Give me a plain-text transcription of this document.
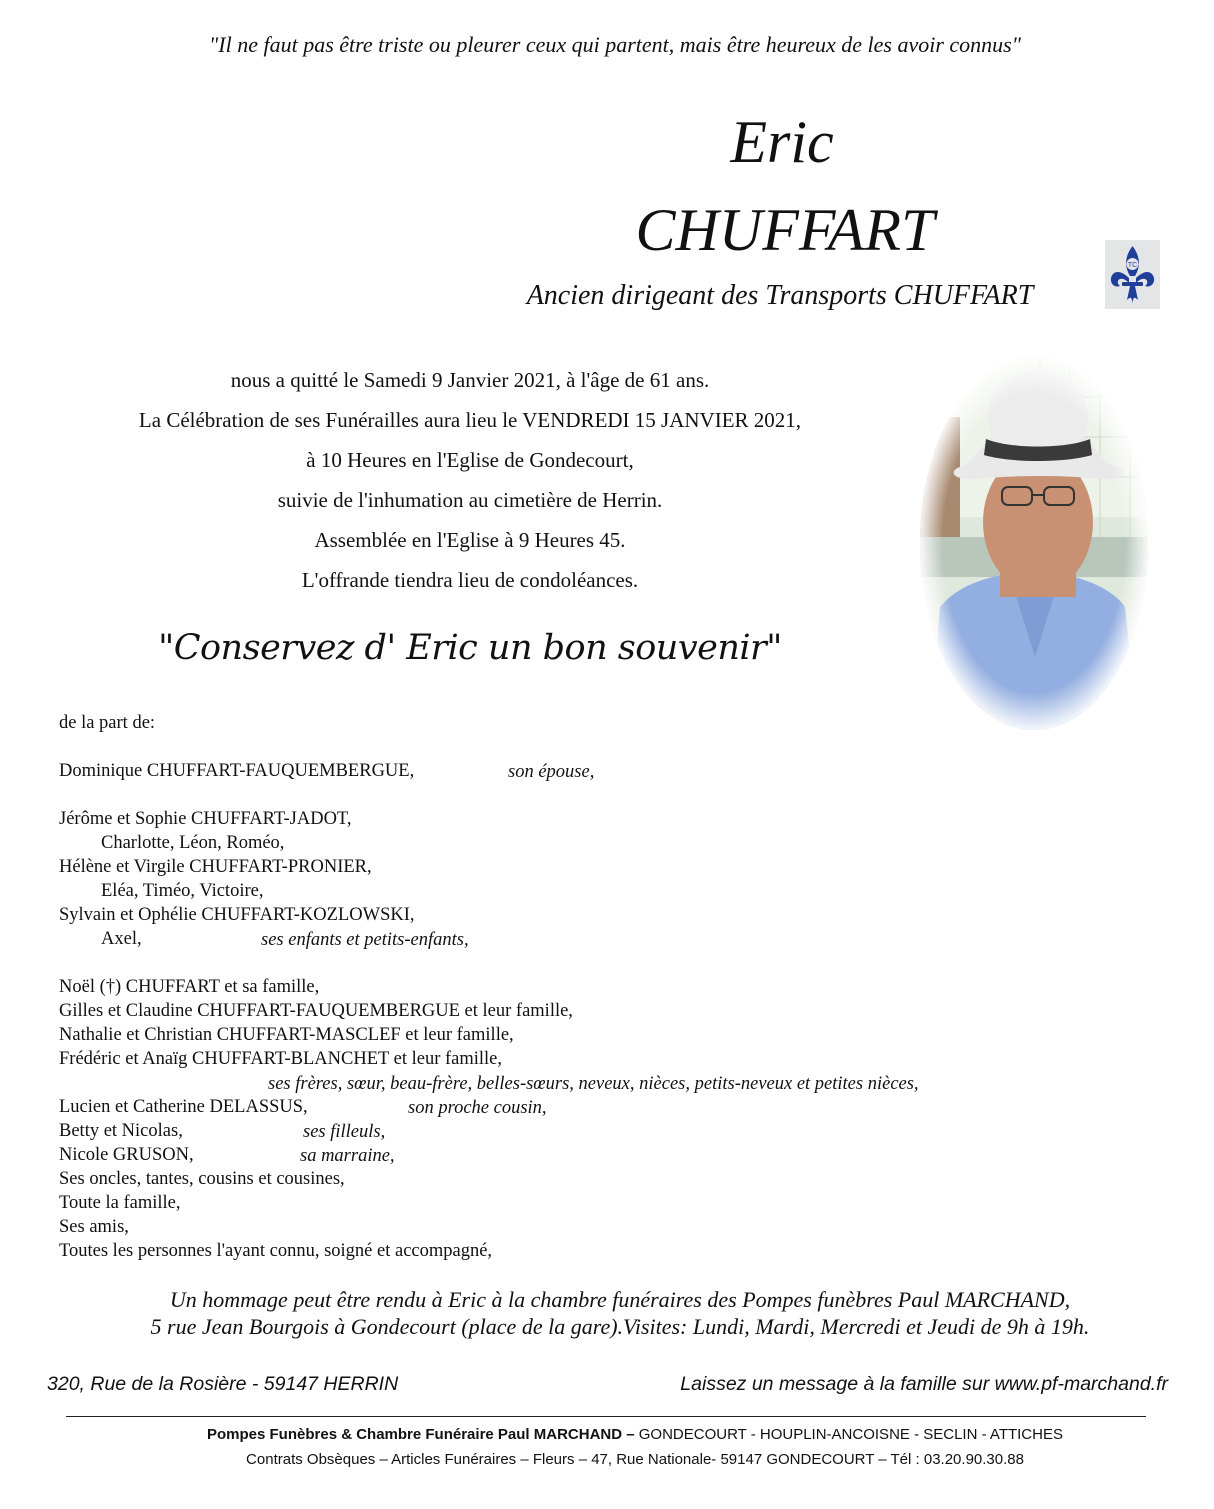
"Il ne faut pas être triste ou pleurer ceux qui partent, mais être heureux de les avoir connus"
Eric
CHUFFART
Ancien dirigeant des Transports CHUFFART
TC
nous a quitté le Samedi 9 Janvier 2021, à l'âge de 61 ans.
La Célébration de ses Funérailles aura lieu le VENDREDI 15 JANVIER 2021,
à 10 Heures en l'Eglise de Gondecourt,
suivie de l'inhumation au cimetière de Herrin.
Assemblée en l'Eglise à 9 Heures 45.
L'offrande tiendra lieu de condoléances.
"Conservez d' Eric un bon souvenir"
de la part de:
Dominique CHUFFART-FAUQUEMBERGUE,	son épouse,
Jérôme et Sophie CHUFFART-JADOT,
Charlotte, Léon, Roméo,
Hélène et Virgile CHUFFART-PRONIER,
Eléa, Timéo, Victoire,
Sylvain et Ophélie CHUFFART-KOZLOWSKI,
Axel,	ses enfants et petits-enfants,
Noël (†) CHUFFART et sa famille,
Gilles et Claudine CHUFFART-FAUQUEMBERGUE et leur famille,
Nathalie et Christian CHUFFART-MASCLEF et leur famille,
Frédéric et Anaïg CHUFFART-BLANCHET et leur famille,
ses frères, sœur, beau-frère, belles-sœurs, neveux, nièces, petits-neveux et petites nièces,
Lucien et Catherine DELASSUS,	son proche cousin,
Betty et Nicolas,	ses filleuls,
Nicole GRUSON,	sa marraine,
Ses oncles, tantes, cousins et cousines,
Toute la famille,
Ses amis,
Toutes les personnes l'ayant connu, soigné et accompagné,
Un hommage peut être rendu à Eric à la chambre funéraires des Pompes funèbres Paul MARCHAND,
5 rue Jean Bourgois à Gondecourt (place de la gare).Visites: Lundi, Mardi, Mercredi et Jeudi de 9h à 19h.
320, Rue de la Rosière - 59147 HERRIN	Laissez un message à la famille sur www.pf-marchand.fr
Pompes Funèbres & Chambre Funéraire Paul MARCHAND – GONDECOURT - HOUPLIN-ANCOISNE - SECLIN - ATTICHES
Contrats Obsèques – Articles Funéraires – Fleurs – 47, Rue Nationale- 59147 GONDECOURT – Tél : 03.20.90.30.88
